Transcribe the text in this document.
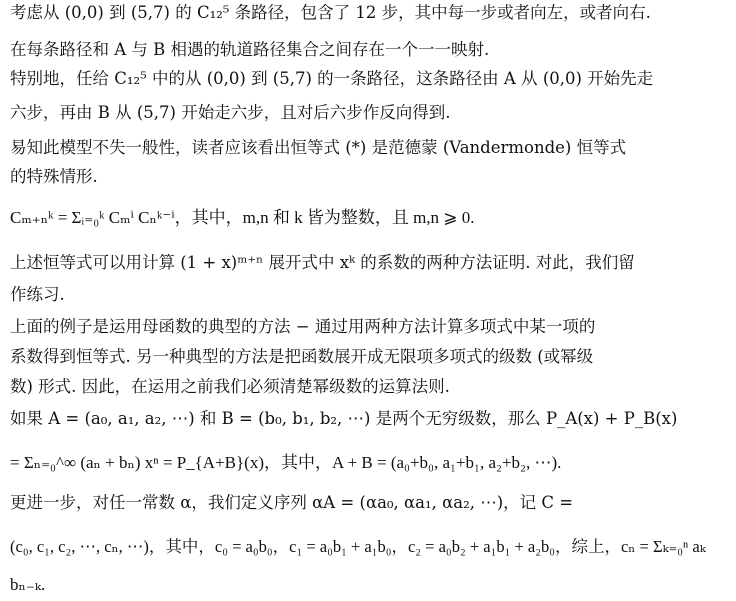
考虑从 (0,0) 到 (5,7) 的 C₁₂⁵ 条路径，包含了 12 步，其中每一步或者向左，或者向右.
在每条路径和 A 与 B 相遇的轨道路径集合之间存在一个一一映射.
特别地，任给 C₁₂⁵ 中的从 (0,0) 到 (5,7) 的一条路径，这条路径由 A 从 (0,0) 开始先走
六步，再由 B 从 (5,7) 开始走六步，且对后六步作反向得到.
易知此模型不失一般性，读者应该看出恒等式 (*) 是范德蒙 (Vandermonde) 恒等式
的特殊情形.
Cₘ₊ₙᵏ = Σᵢ₌₀ᵏ Cₘⁱ Cₙᵏ⁻ⁱ，其中，m,n 和 k 皆为整数，且 m,n ⩾ 0.
上述恒等式可以用计算 (1 + x)ᵐ⁺ⁿ 展开式中 xᵏ 的系数的两种方法证明. 对此，我们留
作练习.
上面的例子是运用母函数的典型的方法 − 通过用两种方法计算多项式中某一项的
系数得到恒等式. 另一种典型的方法是把函数展开成无限项多项式的级数 (或幂级
数) 形式. 因此，在运用之前我们必须清楚幂级数的运算法则.
如果 A = (a₀, a₁, a₂, ⋯) 和 B = (b₀, b₁, b₂, ⋯) 是两个无穷级数，那么 P_A(x) + P_B(x)
= Σₙ₌₀^∞ (aₙ + bₙ) xⁿ = P_{A+B}(x)，其中，A + B = (a₀+b₀, a₁+b₁, a₂+b₂, ⋯).
更进一步，对任一常数 α，我们定义序列 αA = (αa₀, αa₁, αa₂, ⋯)，记 C =
(c₀, c₁, c₂, ⋯, cₙ, ⋯)，其中，c₀ = a₀b₀，c₁ = a₀b₁ + a₁b₀，c₂ = a₀b₂ + a₁b₁ + a₂b₀，综上，cₙ = Σₖ₌₀ⁿ aₖ
bₙ₋ₖ.
